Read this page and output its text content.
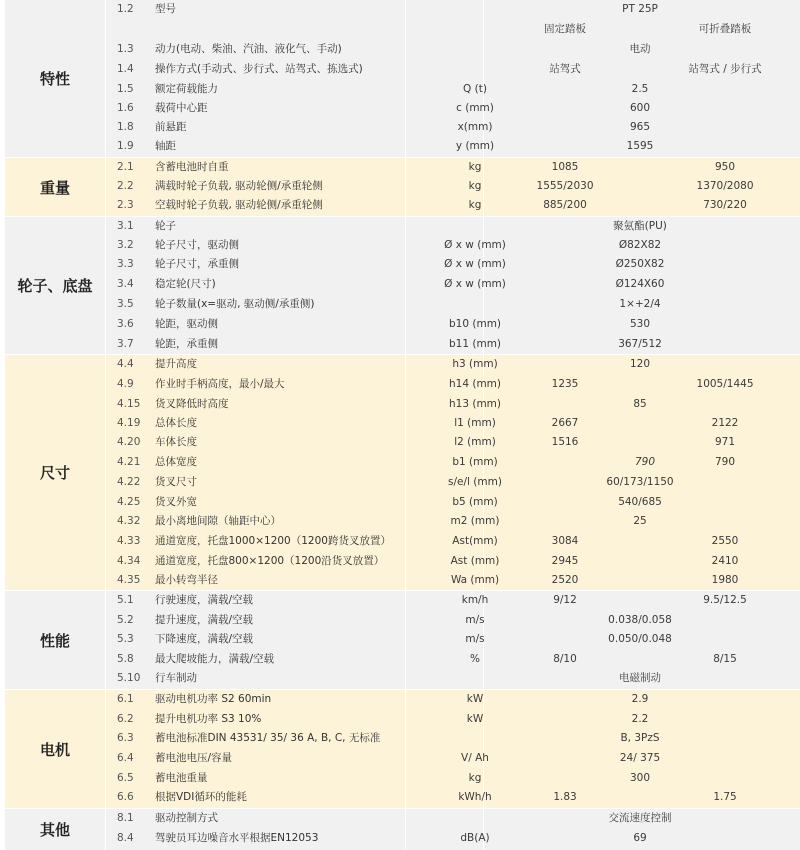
特性
1.2 型号	PT 25P
固定踏板	可折叠踏板
1.3 动力(电动、柴油、汽油、液化气、手动)	电动
1.4 操作方式(手动式、步行式、站驾式、拣选式)	站驾式	站驾式 / 步行式
1.5 额定荷载能力	Q (t)	2.5
1.6 载荷中心距	c (mm)	600
1.8 前悬距	x(mm)	965
1.9 轴距	y (mm)	1595
重量
2.1 含蓄电池时自重	kg	1085	950
2.2 满载时轮子负载, 驱动轮侧/承重轮侧	kg	1555/2030	1370/2080
2.3 空载时轮子负载, 驱动轮侧/承重轮侧	kg	885/200	730/220
轮子、底盘
3.1 轮子	聚氨酯(PU)
3.2 轮子尺寸，驱动侧	Ø x w (mm)	Ø82X82
3.3 轮子尺寸，承重侧	Ø x w (mm)	Ø250X82
3.4 稳定轮(尺寸)	Ø x w (mm)	Ø124X60
3.5 轮子数量(x=驱动, 驱动侧/承重侧)	1×+2/4
3.6 轮距，驱动侧	b10 (mm)	530
3.7 轮距，承重侧	b11 (mm)	367/512
尺寸
4.4 提升高度	h3 (mm)	120
4.9 作业时手柄高度，最小/最大	h14 (mm)	1235	1005/1445
4.15 货叉降低时高度	h13 (mm)	85
4.19 总体长度	l1 (mm)	2667	2122
4.20 车体长度	l2 (mm)	1516	971
4.21 总体宽度	b1 (mm)	790	790
4.22 货叉尺寸	s/e/l (mm)	60/173/1150
4.25 货叉外宽	b5 (mm)	540/685
4.32 最小离地间隙（轴距中心）	m2 (mm)	25
4.33 通道宽度，托盘1000×1200（1200跨货叉放置）	Ast(mm)	3084	2550
4.34 通道宽度，托盘800×1200（1200沿货叉放置）	Ast (mm)	2945	2410
4.35 最小转弯半径	Wa (mm)	2520	1980
性能
5.1 行驶速度，满载/空载	km/h	9/12	9.5/12.5
5.2 提升速度，满载/空载	m/s	0.038/0.058
5.3 下降速度，满载/空载	m/s	0.050/0.048
5.8 最大爬坡能力，满载/空载	%	8/10	8/15
5.10 行车制动	电磁制动
电机
6.1 驱动电机功率 S2 60min	kW	2.9
6.2 提升电机功率 S3 10%	kW	2.2
6.3 蓄电池标准DIN 43531/ 35/ 36 A, B, C, 无标准	B, 3PzS
6.4 蓄电池电压/容量	V/ Ah	24/ 375
6.5 蓄电池重量	kg	300
6.6 根据VDI循环的能耗	kWh/h	1.83	1.75
其他
8.1 驱动控制方式	交流速度控制
8.4 驾驶员耳边噪音水平根据EN12053	dB(A)	69
